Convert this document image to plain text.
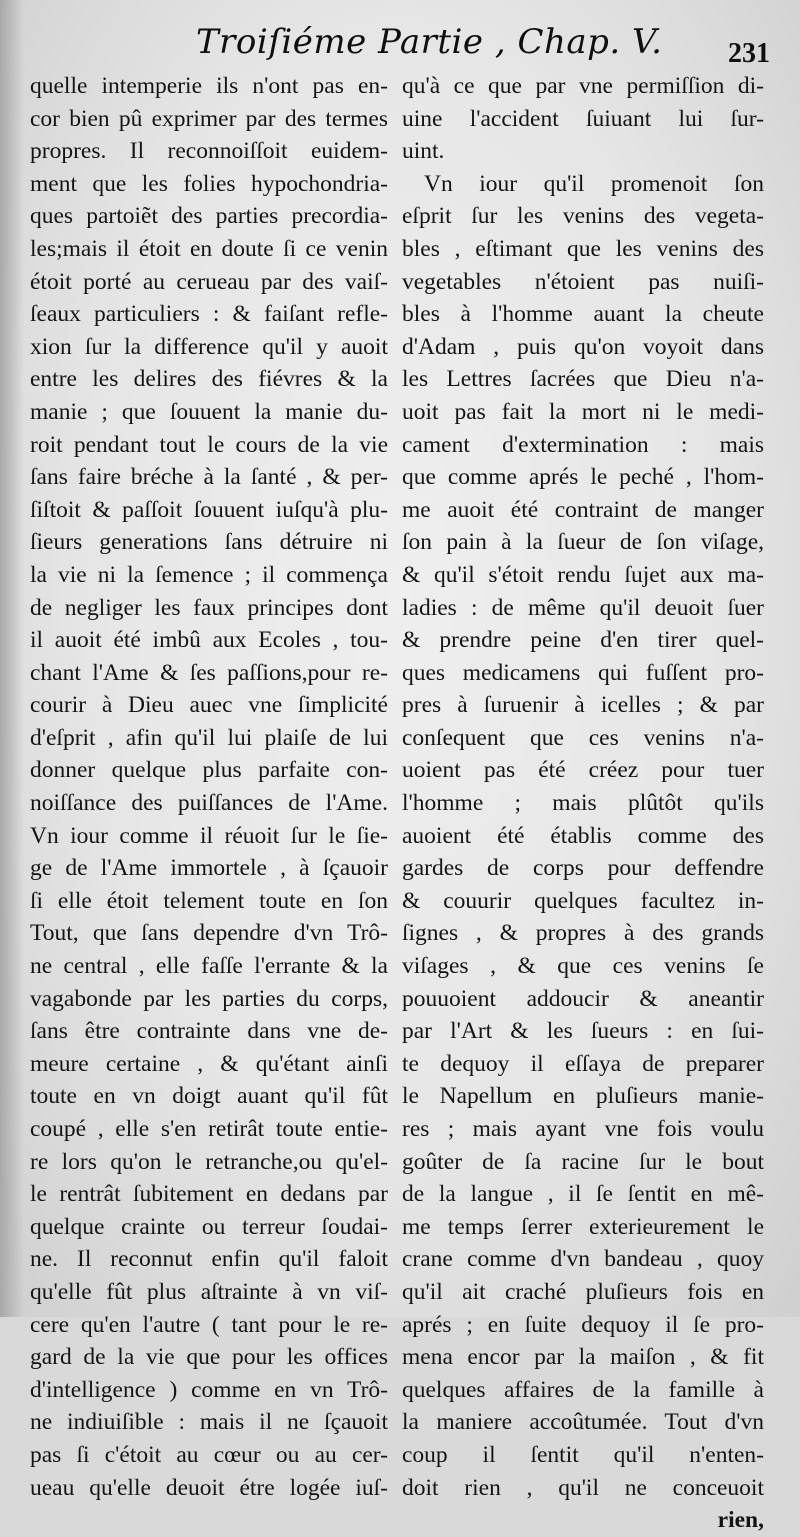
Troiſiéme Partie , Chap. V. 231
quelle intemperie ils n'ont pas en-
cor bien pû exprimer par des termes
propres. Il reconnoiſſoit euidem-
ment que les folies hypochondria-
ques partoiẽt des parties precordia-
les;mais il étoit en doute ſi ce venin
étoit porté au cerueau par des vaiſ-
ſeaux particuliers : & faiſant refle-
xion ſur la difference qu'il y auoit
entre les delires des fiévres & la
manie ; que ſouuent la manie du-
roit pendant tout le cours de la vie
ſans faire bréche à la ſanté , & per-
ſiſtoit & paſſoit ſouuent iuſqu'à plu-
ſieurs generations ſans détruire ni
la vie ni la ſemence ; il commença
de negliger les faux principes dont
il auoit été imbû aux Ecoles , tou-
chant l'Ame & ſes paſſions,pour re-
courir à Dieu auec vne ſimplicité
d'eſprit , afin qu'il lui plaiſe de lui
donner quelque plus parfaite con-
noiſſance des puiſſances de l'Ame.
Vn iour comme il réuoit ſur le ſie-
ge de l'Ame immortele , à ſçauoir
ſi elle étoit telement toute en ſon
Tout, que ſans dependre d'vn Trô-
ne central , elle faſſe l'errante & la
vagabonde par les parties du corps,
ſans être contrainte dans vne de-
meure certaine , & qu'étant ainſi
toute en vn doigt auant qu'il fût
coupé , elle s'en retirât toute entie-
re lors qu'on le retranche,ou qu'el-
le rentrât ſubitement en dedans par
quelque crainte ou terreur ſoudai-
ne. Il reconnut enfin qu'il faloit
qu'elle fût plus aſtrainte à vn viſ-
cere qu'en l'autre ( tant pour le re-
gard de la vie que pour les offices
d'intelligence ) comme en vn Trô-
ne indiuiſible : mais il ne ſçauoit
pas ſi c'étoit au cœur ou au cer-
ueau qu'elle deuoit étre logée iuſ-
qu'à ce que par vne permiſſion di-
uine l'accident ſuiuant lui ſur-
uint.
Vn iour qu'il promenoit ſon
eſprit ſur les venins des vegeta-
bles , eſtimant que les venins des
vegetables n'étoient pas nuiſi-
bles à l'homme auant la cheute
d'Adam , puis qu'on voyoit dans
les Lettres ſacrées que Dieu n'a-
uoit pas fait la mort ni le medi-
cament d'extermination : mais
que comme aprés le peché , l'hom-
me auoit été contraint de manger
ſon pain à la ſueur de ſon viſage,
& qu'il s'étoit rendu ſujet aux ma-
ladies : de même qu'il deuoit ſuer
& prendre peine d'en tirer quel-
ques medicamens qui fuſſent pro-
pres à ſuruenir à icelles ; & par
conſequent que ces venins n'a-
uoient pas été créez pour tuer
l'homme ; mais plûtôt qu'ils
auoient été établis comme des
gardes de corps pour deffendre
& couurir quelques facultez in-
ſignes , & propres à des grands
viſages , & que ces venins ſe
pouuoient addoucir & aneantir
par l'Art & les ſueurs : en ſui-
te dequoy il eſſaya de preparer
le Napellum en pluſieurs manie-
res ; mais ayant vne fois voulu
goûter de ſa racine ſur le bout
de la langue , il ſe ſentit en mê-
me temps ſerrer exterieurement le
crane comme d'vn bandeau , quoy
qu'il ait craché pluſieurs fois en
aprés ; en ſuite dequoy il ſe pro-
mena encor par la maiſon , & fit
quelques affaires de la famille à
la maniere accoûtumée. Tout d'vn
coup il ſentit qu'il n'enten-
doit rien , qu'il ne conceuoit
rien,
